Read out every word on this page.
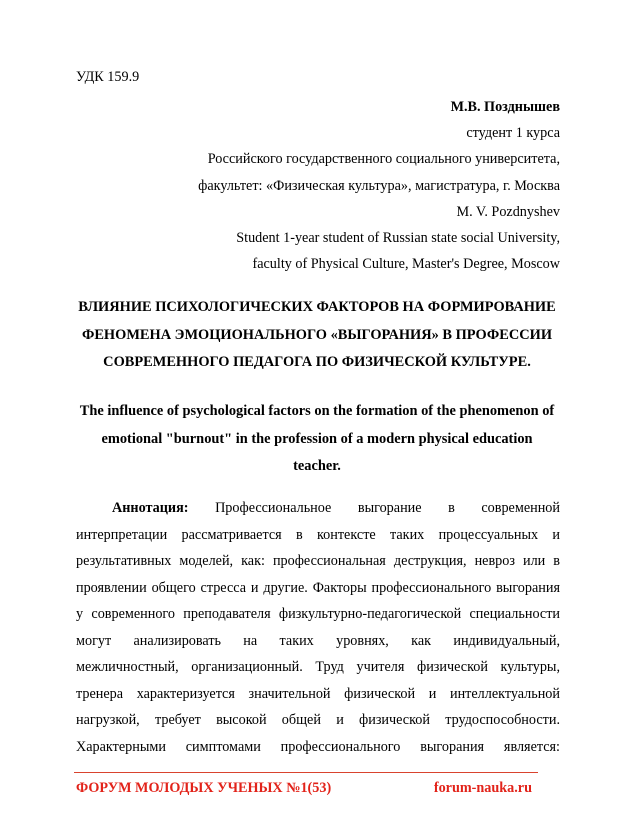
УДК 159.9
М.В. Позднышев
студент 1 курса
Российского государственного социального университета,
факультет: «Физическая культура», магистратура, г. Москва
M. V. Pozdnyshev
Student 1-year student of Russian state social University,
faculty of Physical Culture, Master's Degree, Moscow
ВЛИЯНИЕ ПСИХОЛОГИЧЕСКИХ ФАКТОРОВ НА ФОРМИРОВАНИЕ
ФЕНОМЕНА ЭМОЦИОНАЛЬНОГО «ВЫГОРАНИЯ» В ПРОФЕССИИ
СОВРЕМЕННОГО ПЕДАГОГА ПО ФИЗИЧЕСКОЙ КУЛЬТУРЕ.
The influence of psychological factors on the formation of the phenomenon of
emotional "burnout" in the profession of a modern physical education
teacher.
Аннотация: Профессиональное выгорание в современной
интерпретации рассматривается в контексте таких процессуальных и
результативных моделей, как: профессиональная деструкция, невроз или в
проявлении общего стресса и другие. Факторы профессионального выгорания
у современного преподавателя физкультурно-педагогической специальности
могут анализировать на таких уровнях, как индивидуальный,
межличностный, организационный. Труд учителя физической культуры,
тренера характеризуется значительной физической и интеллектуальной
нагрузкой, требует высокой общей и физической трудоспособности.
Характерными симптомами профессионального выгорания является:
ФОРУМ МОЛОДЫХ УЧЕНЫХ №1(53)	forum-nauka.ru
